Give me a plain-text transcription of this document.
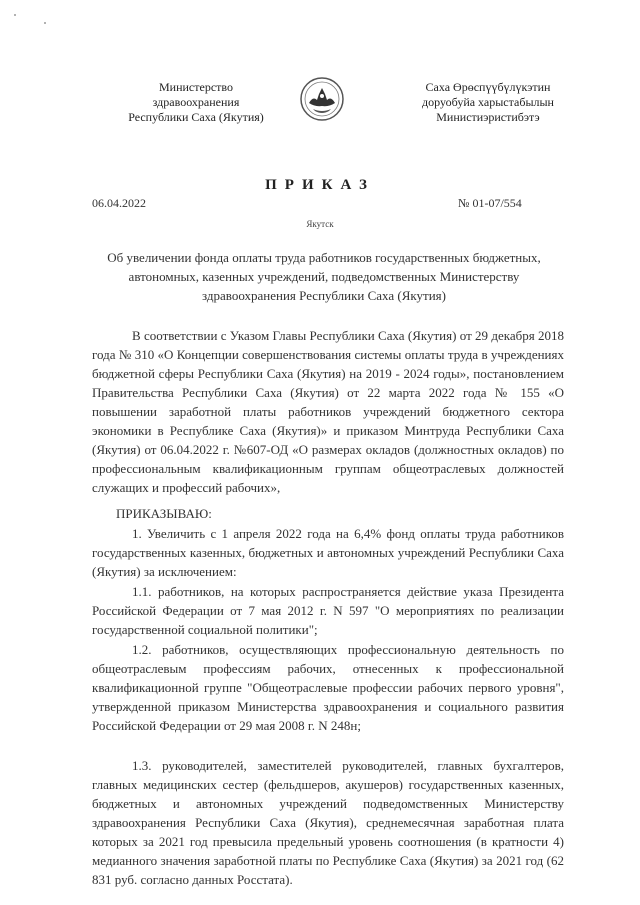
Министерство
здравоохранения
Республики Саха (Якутия)
Саха Өрөспүүбүлүкэтин
доруобуйа харыстабылын
Министиэристибэтэ
ПРИКАЗ
06.04.2022	№ 01-07/554
Якутск
Об увеличении фонда оплаты труда работников государственных бюджетных, автономных, казенных учреждений, подведомственных Министерству здравоохранения Республики Саха (Якутия)
В соответствии с Указом Главы Республики Саха (Якутия) от 29 декабря 2018 года № 310 «О Концепции совершенствования системы оплаты труда в учреждениях бюджетной сферы Республики Саха (Якутия) на 2019 - 2024 годы», постановлением Правительства Республики Саха (Якутия) от 22 марта 2022 года № 155 «О повышении заработной платы работников учреждений бюджетного сектора экономики в Республике Саха (Якутия)» и приказом Минтруда Республики Саха (Якутия) от 06.04.2022 г. №607-ОД «О размерах окладов (должностных окладов) по профессиональным квалификационным группам общеотраслевых должностей служащих и профессий рабочих»,
ПРИКАЗЫВАЮ:
1. Увеличить с 1 апреля 2022 года на 6,4% фонд оплаты труда работников государственных казенных, бюджетных и автономных учреждений Республики Саха (Якутия) за исключением:
1.1. работников, на которых распространяется действие указа Президента Российской Федерации от 7 мая 2012 г. N 597 "О мероприятиях по реализации государственной социальной политики";
1.2. работников, осуществляющих профессиональную деятельность по общеотраслевым профессиям рабочих, отнесенных к профессиональной квалификационной группе "Общеотраслевые профессии рабочих первого уровня", утвержденной приказом Министерства здравоохранения и социального развития Российской Федерации от 29 мая 2008 г. N 248н;
1.3. руководителей, заместителей руководителей, главных бухгалтеров, главных медицинских сестер (фельдшеров, акушеров) государственных казенных, бюджетных и автономных учреждений подведомственных Министерству здравоохранения Республики Саха (Якутия), среднемесячная заработная плата которых за 2021 год превысила предельный уровень соотношения (в кратности 4) медианного значения заработной платы по Республике Саха (Якутия) за 2021 год (62 831 руб. согласно данных Росстата).
